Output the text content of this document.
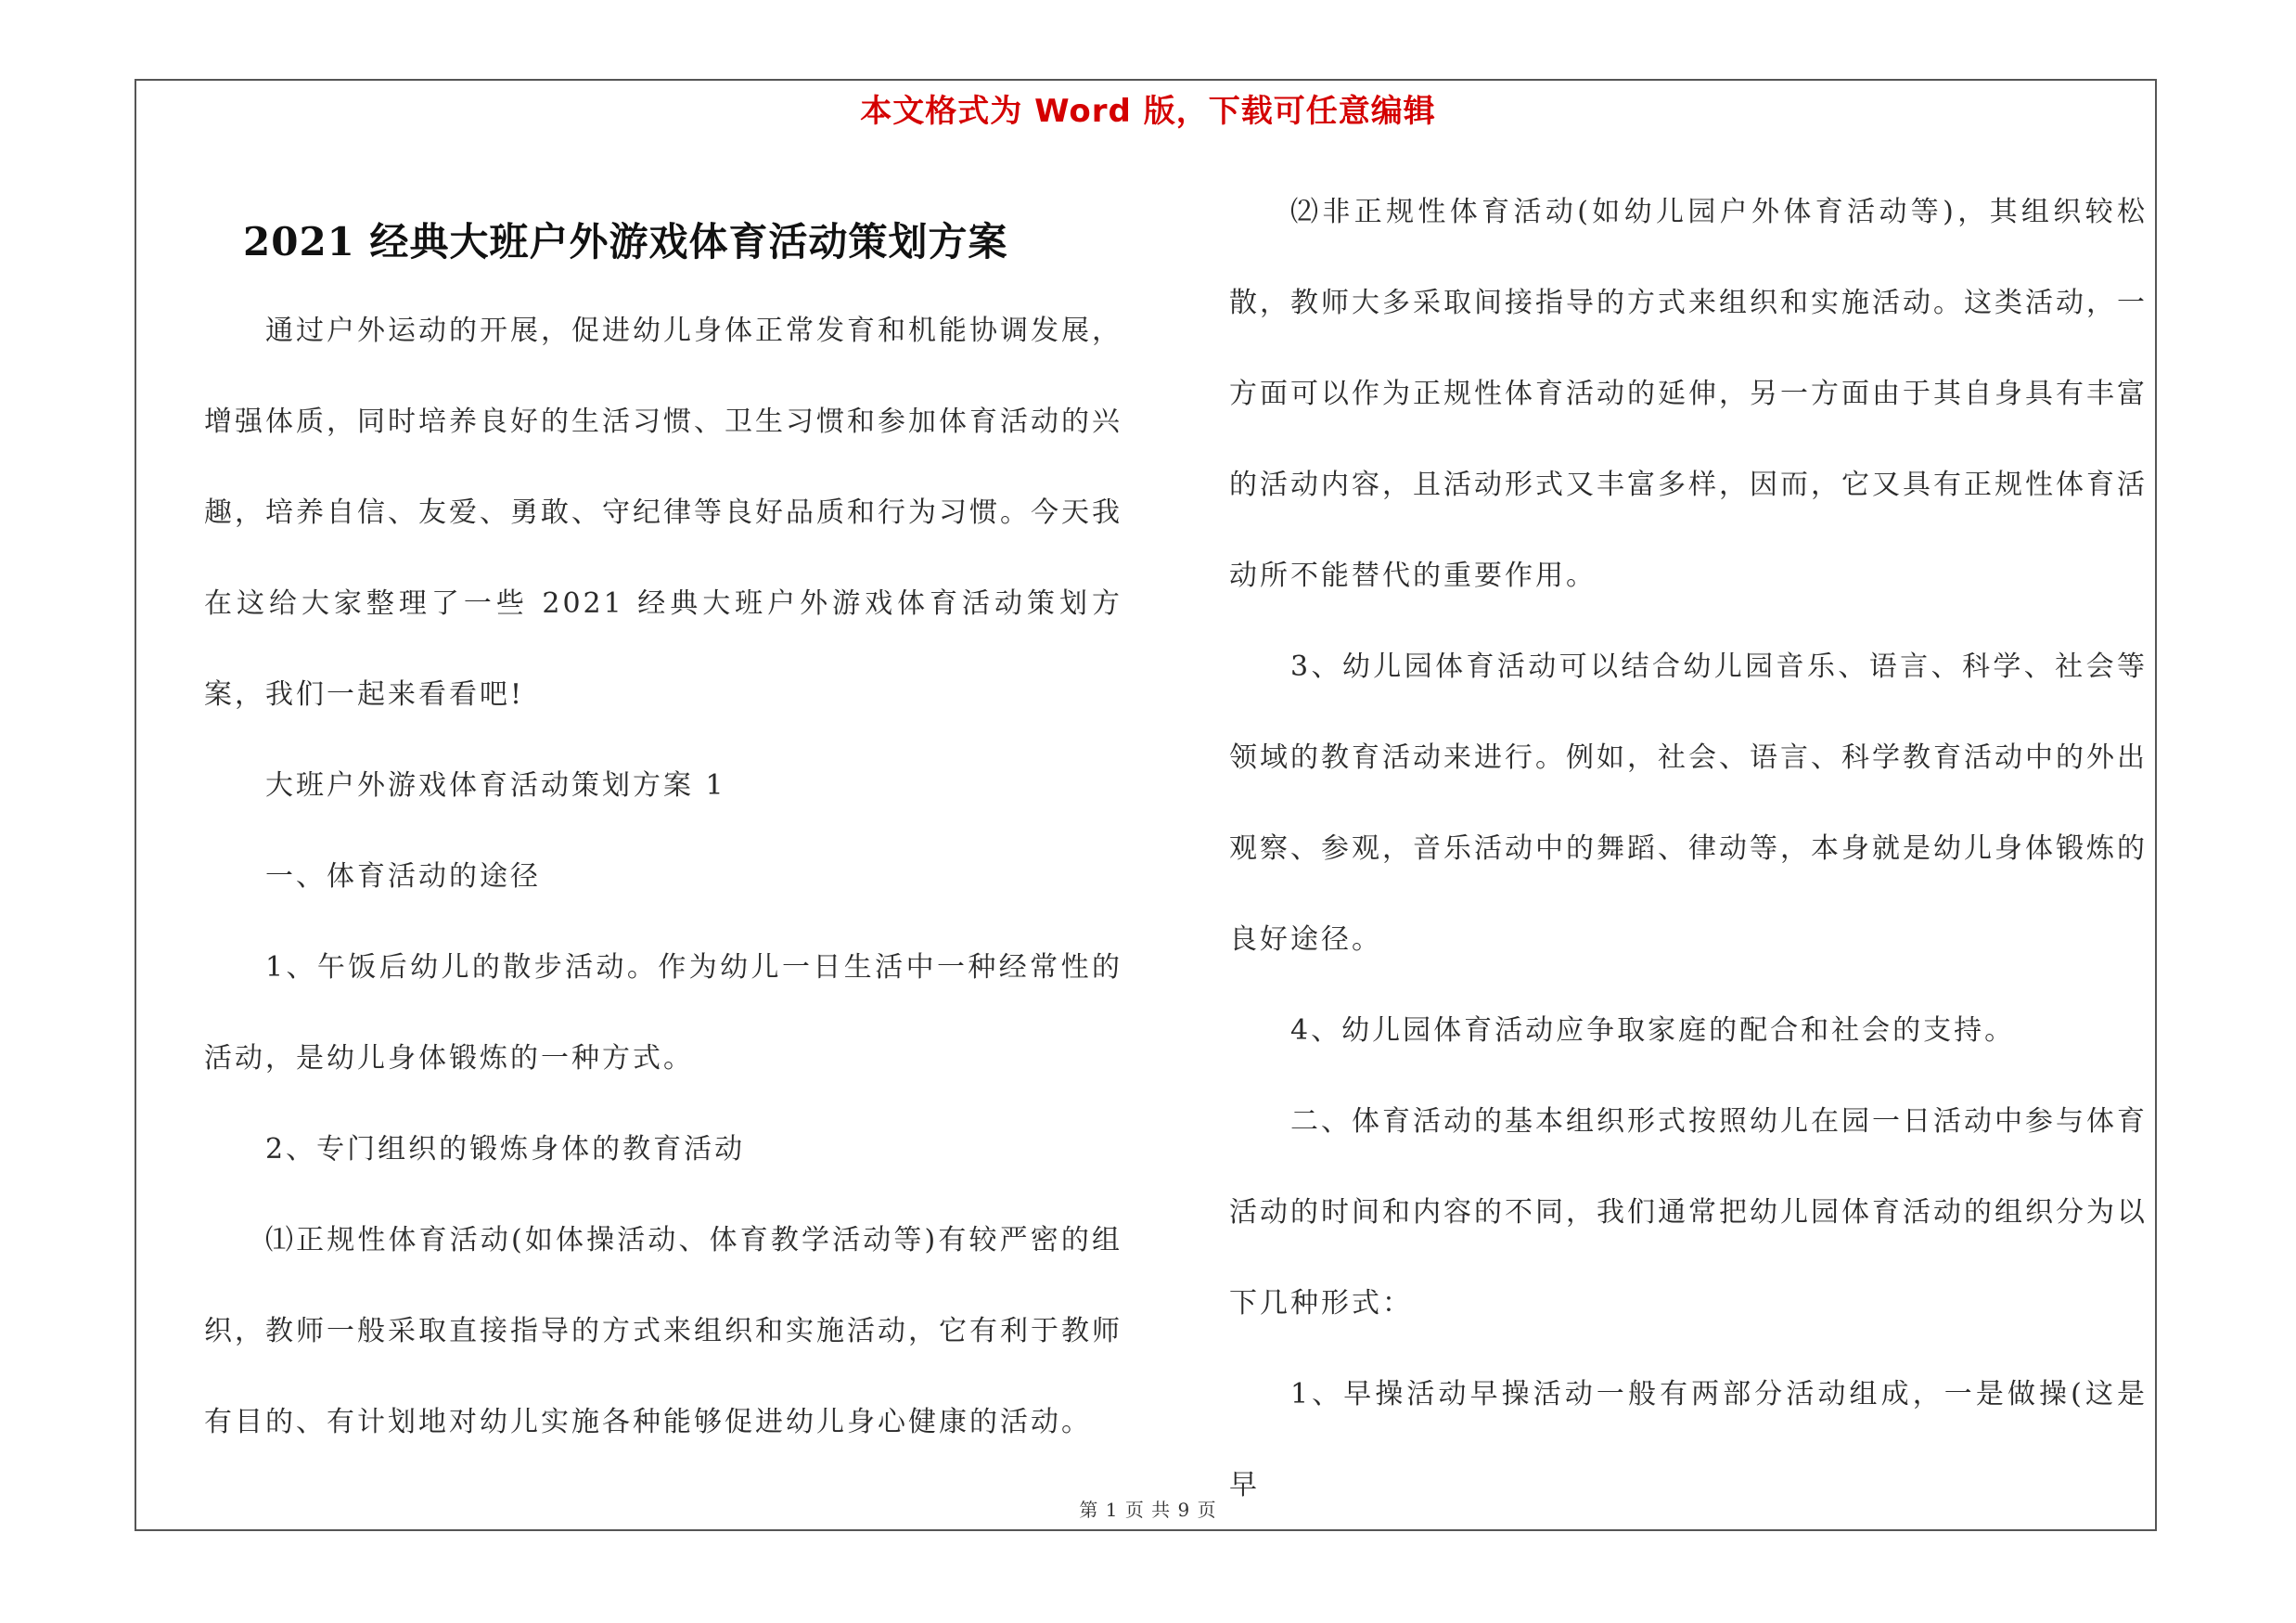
本文格式为 Word 版，下载可任意编辑
2021 经典大班户外游戏体育活动策划方案

通过户外运动的开展，促进幼儿身体正常发育和机能协调发展，增强体质，同时培养良好的生活习惯、卫生习惯和参加体育活动的兴趣，培养自信、友爱、勇敢、守纪律等良好品质和行为习惯。今天我在这给大家整理了一些 2021 经典大班户外游戏体育活动策划方案，我们一起来看看吧!

大班户外游戏体育活动策划方案 1

一、体育活动的途径

1、午饭后幼儿的散步活动。作为幼儿一日生活中一种经常性的活动，是幼儿身体锻炼的一种方式。

2、专门组织的锻炼身体的教育活动

⑴正规性体育活动(如体操活动、体育教学活动等)有较严密的组织，教师一般采取直接指导的方式来组织和实施活动，它有利于教师有目的、有计划地对幼儿实施各种能够促进幼儿身心健康的活动。

⑵非正规性体育活动(如幼儿园户外体育活动等)，其组织较松散，教师大多采取间接指导的方式来组织和实施活动。这类活动，一方面可以作为正规性体育活动的延伸，另一方面由于其自身具有丰富的活动内容，且活动形式又丰富多样，因而，它又具有正规性体育活动所不能替代的重要作用。

3、幼儿园体育活动可以结合幼儿园音乐、语言、科学、社会等领域的教育活动来进行。例如，社会、语言、科学教育活动中的外出观察、参观，音乐活动中的舞蹈、律动等，本身就是幼儿身体锻炼的良好途径。

4、幼儿园体育活动应争取家庭的配合和社会的支持。

二、体育活动的基本组织形式按照幼儿在园一日活动中参与体育活动的时间和内容的不同，我们通常把幼儿园体育活动的组织分为以下几种形式：

1、早操活动早操活动一般有两部分活动组成，一是做操(这是早

第 1 页 共 9 页
